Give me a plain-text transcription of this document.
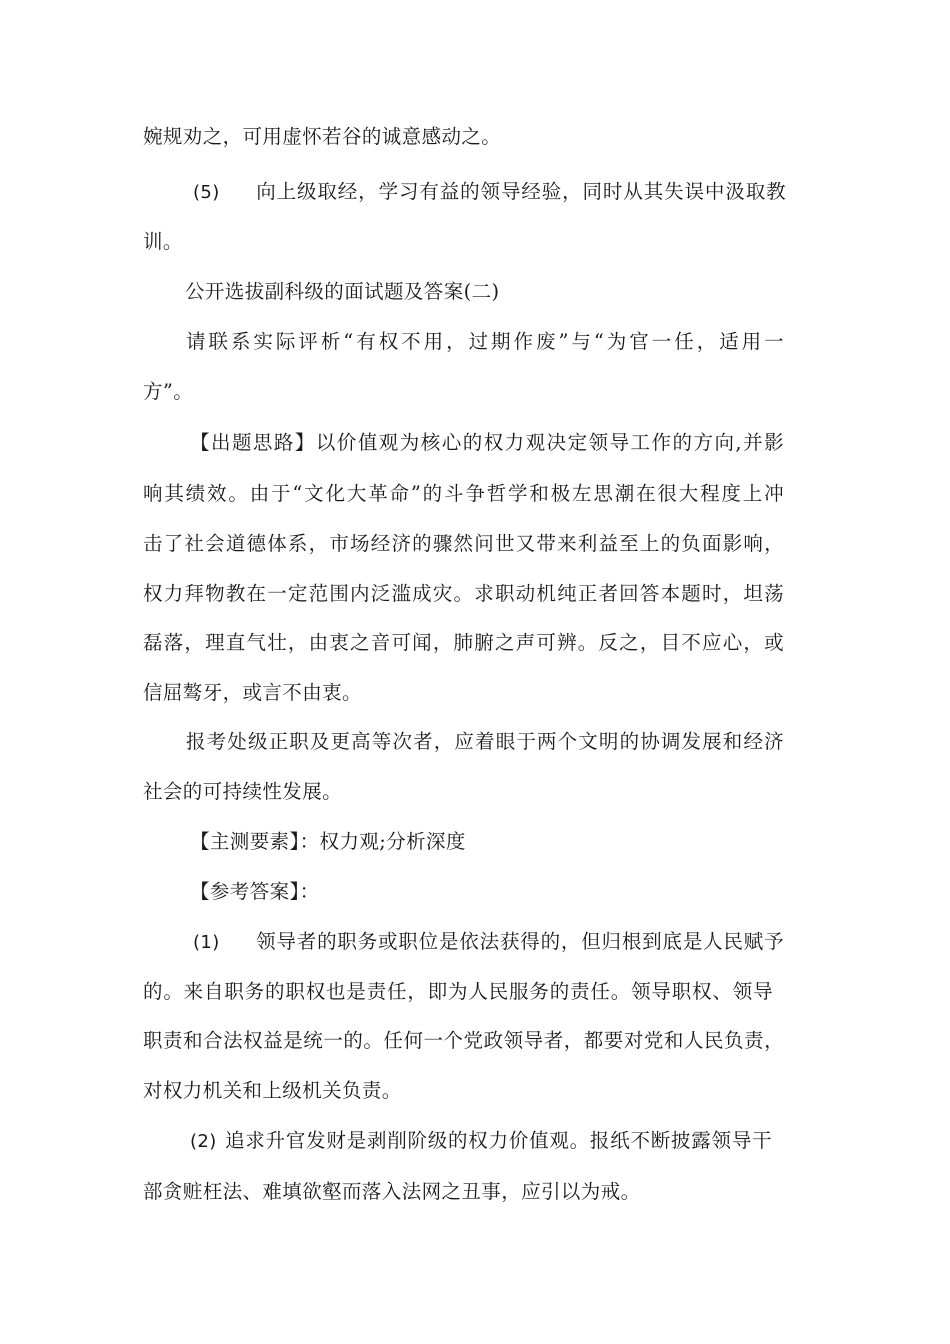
婉规劝之，可用虚怀若谷的诚意感动之。
(5) 向上级取经，学习有益的领导经验，同时从其失误中汲取教
训。
公开选拔副科级的面试题及答案(二)
请联系实际评析“有权不用，过期作废”与“为官一任，适用一
方”。
【出题思路】以价值观为核心的权力观决定领导工作的方向,并影
响其绩效。由于“文化大革命”的斗争哲学和极左思潮在很大程度上冲
击了社会道德体系，市场经济的骤然问世又带来利益至上的负面影响，
权力拜物教在一定范围内泛滥成灾。求职动机纯正者回答本题时，坦荡
磊落，理直气壮，由衷之音可闻，肺腑之声可辨。反之，目不应心，或
信屈骜牙，或言不由衷。
报考处级正职及更高等次者，应着眼于两个文明的协调发展和经济
社会的可持续性发展。
【主测要素】：权力观;分析深度
【参考答案】：
(1) 领导者的职务或职位是依法获得的，但归根到底是人民赋予
的。来自职务的职权也是责任，即为人民服务的责任。领导职权、领导
职责和合法权益是统一的。任何一个党政领导者，都要对党和人民负责，
对权力机关和上级机关负责。
(2) 追求升官发财是剥削阶级的权力价值观。报纸不断披露领导干
部贪赃枉法、难填欲壑而落入法网之丑事，应引以为戒。
